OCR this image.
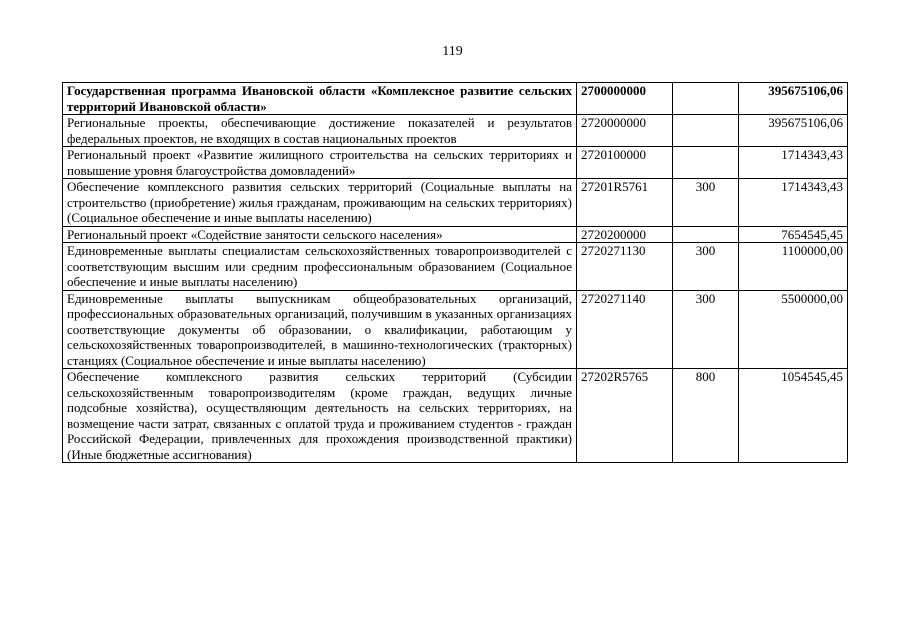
119
Государственная программа Ивановской области «Комплексное развитие сельских территорий Ивановской области»	2700000000		395675106,06
Региональные проекты, обеспечивающие достижение показателей и результатов федеральных проектов, не входящих в состав национальных проектов	2720000000		395675106,06
Региональный проект «Развитие жилищного строительства на сельских территориях и повышение уровня благоустройства домовладений»	2720100000		1714343,43
Обеспечение комплексного развития сельских территорий (Социальные выплаты на строительство (приобретение) жилья гражданам, проживающим на сельских территориях) (Социальное обеспечение и иные выплаты населению)	27201R5761	300	1714343,43
Региональный проект «Содействие занятости сельского населения»	2720200000		7654545,45
Единовременные выплаты специалистам сельскохозяйственных товаропроизводителей с соответствующим высшим или средним профессиональным образованием (Социальное обеспечение и иные выплаты населению)	2720271130	300	1100000,00
Единовременные выплаты выпускникам общеобразовательных организаций, профессиональных образовательных организаций, получившим в указанных организациях соответствующие документы об образовании, о квалификации, работающим у сельскохозяйственных товаропроизводителей, в машинно-технологических (тракторных) станциях (Социальное обеспечение и иные выплаты населению)	2720271140	300	5500000,00
Обеспечение комплексного развития сельских территорий (Субсидии сельскохозяйственным товаропроизводителям (кроме граждан, ведущих личные подсобные хозяйства), осуществляющим деятельность на сельских территориях, на возмещение части затрат, связанных с оплатой труда и проживанием студентов - граждан Российской Федерации, привлеченных для прохождения производственной практики) (Иные бюджетные ассигнования)	27202R5765	800	1054545,45
